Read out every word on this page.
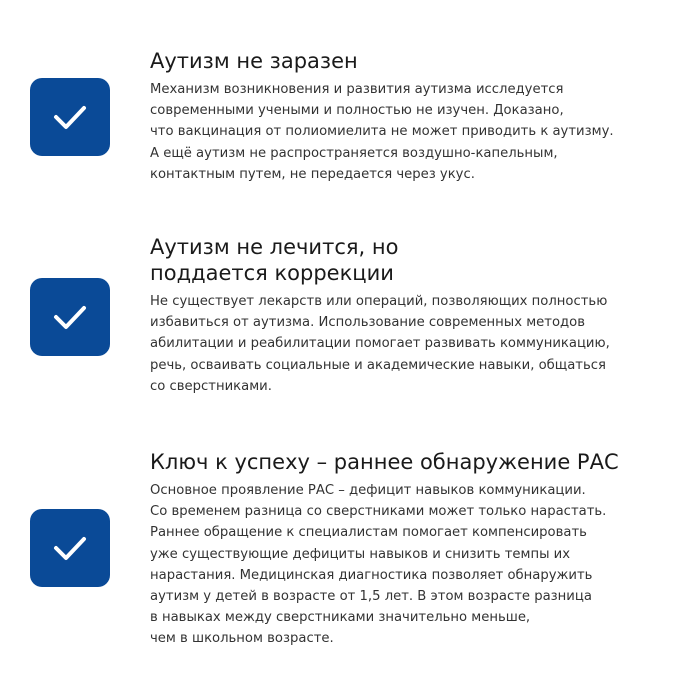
Аутизм не заразен

Механизм возникновения и развития аутизма исследуется
современными учеными и полностью не изучен. Доказано,
что вакцинация от полиомиелита не может приводить к аутизму.
А ещё аутизм не распространяется воздушно-капельным,
контактным путем, не передается через укус.

Аутизм не лечится, но
поддается коррекции

Не существует лекарств или операций, позволяющих полностью
избавиться от аутизма. Использование современных методов
абилитации и реабилитации помогает развивать коммуникацию,
речь, осваивать социальные и академические навыки, общаться
со сверстниками.

Ключ к успеху – раннее обнаружение РАС

Основное проявление РАС – дефицит навыков коммуникации.
Со временем разница со сверстниками может только нарастать.
Раннее обращение к специалистам помогает компенсировать
уже существующие дефициты навыков и снизить темпы их
нарастания. Медицинская диагностика позволяет обнаружить
аутизм у детей в возрасте от 1,5 лет. В этом возрасте разница
в навыках между сверстниками значительно меньше,
чем в школьном возрасте.
